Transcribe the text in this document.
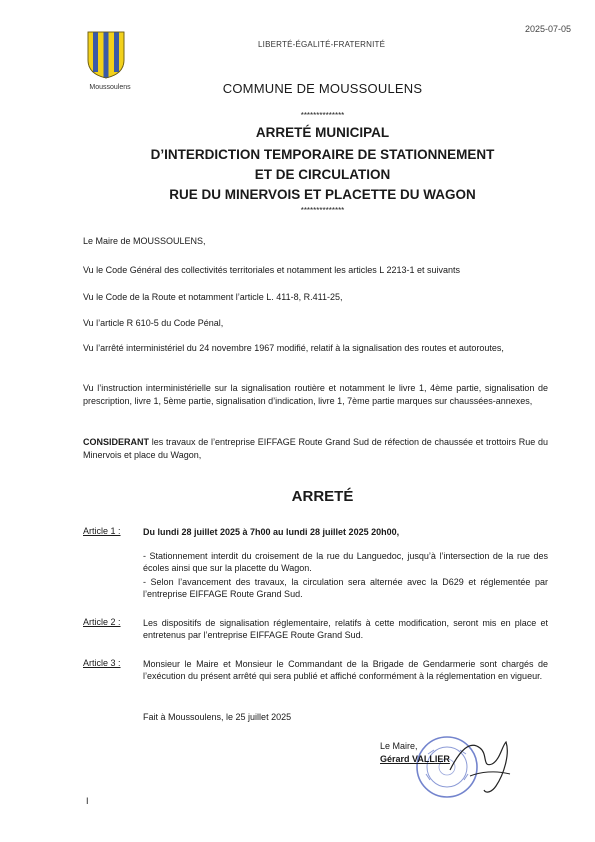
2025-07-05
Moussoulens
LIBERTÉ-ÉGALITÉ-FRATERNITÉ
COMMUNE DE MOUSSOULENS
**************
ARRETÉ MUNICIPAL
D’INTERDICTION TEMPORAIRE DE STATIONNEMENT
ET DE CIRCULATION
RUE DU MINERVOIS ET PLACETTE DU WAGON
**************
Le Maire de MOUSSOULENS,
Vu le Code Général des collectivités territoriales et notamment les articles L 2213-1 et suivants
Vu le Code de la Route et notamment l’article L. 411-8, R.411-25,
Vu l’article R 610-5 du Code Pénal,
Vu l’arrêté interministériel du 24 novembre 1967 modifié, relatif à la signalisation des routes et autoroutes,
Vu l’instruction interministérielle sur la signalisation routière et notamment le livre 1, 4ème partie, signalisation de prescription, livre 1, 5ème partie, signalisation d’indication, livre 1, 7ème partie marques sur chaussées-annexes,
CONSIDERANT les travaux de l’entreprise EIFFAGE Route Grand Sud de réfection de chaussée et trottoirs Rue du Minervois et place du Wagon,
ARRETÉ
Article 1 : Du lundi 28 juillet 2025 à 7h00 au lundi 28 juillet 2025 20h00,
- Stationnement interdit du croisement de la rue du Languedoc, jusqu’à l’intersection de la rue des écoles ainsi que sur la placette du Wagon.
- Selon l’avancement des travaux, la circulation sera alternée avec la D629 et réglementée par l’entreprise EIFFAGE Route Grand Sud.
Article 2 : Les dispositifs de signalisation réglementaire, relatifs à cette modification, seront mis en place et entretenus par l’entreprise EIFFAGE Route Grand Sud.
Article 3 : Monsieur le Maire et Monsieur le Commandant de la Brigade de Gendarmerie sont chargés de l’exécution du présent arrêté qui sera publié et affiché conformément à la réglementation en vigueur.
Fait à Moussoulens, le 25 juillet 2025
Le Maire,
Gérard VALLIER
I
